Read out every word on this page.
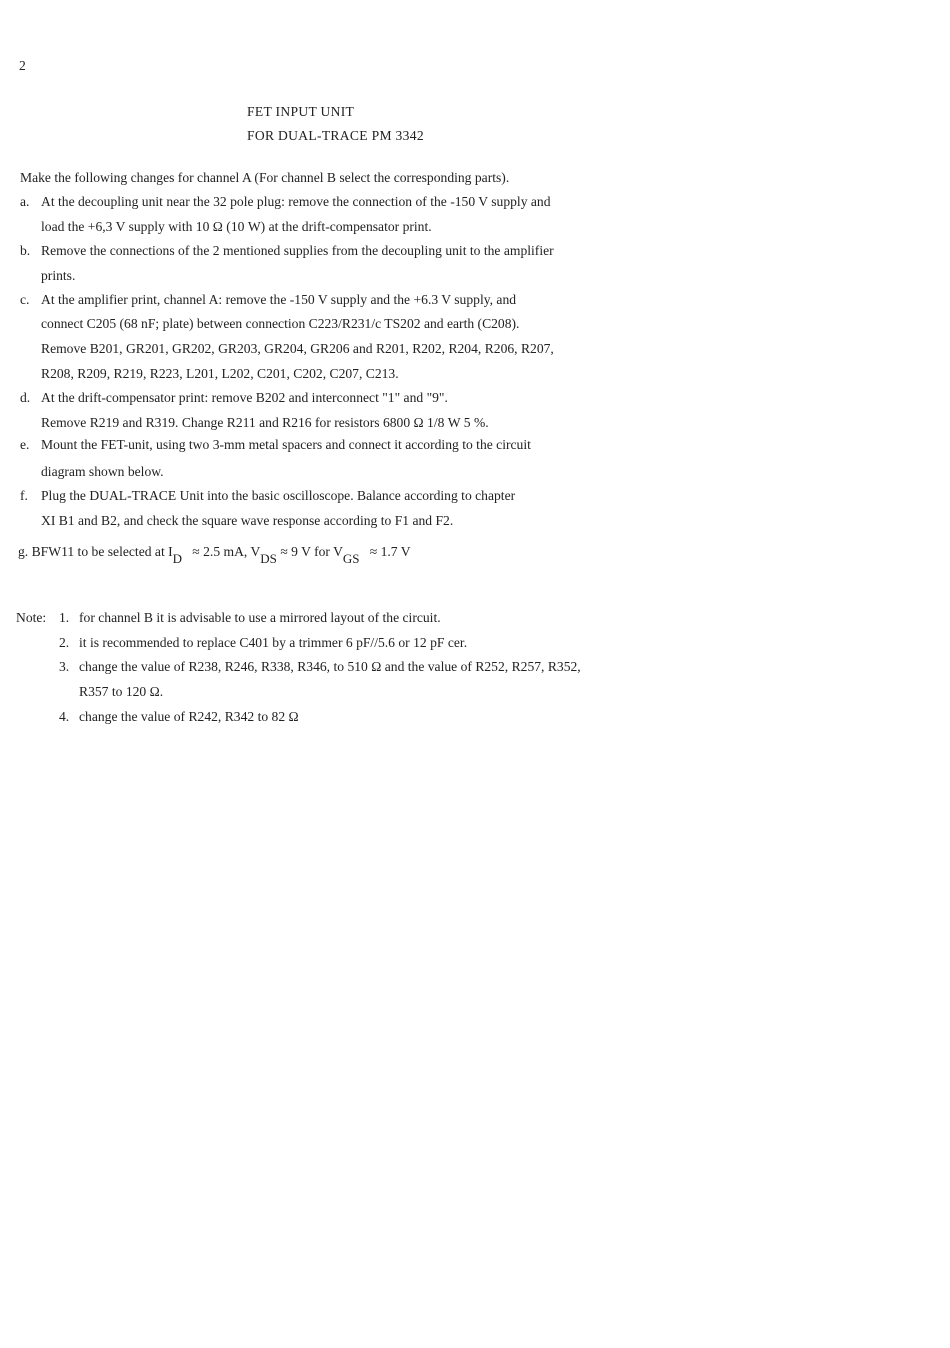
2
FET INPUT UNIT
FOR DUAL-TRACE PM 3342
Make the following changes for channel A (For channel B select the corresponding parts).
a. At the decoupling unit near the 32 pole plug: remove the connection of the -150 V supply and
load the +6,3 V supply with 10 Ω (10 W) at the drift-compensator print.
b. Remove the connections of the 2 mentioned supplies from the decoupling unit to the amplifier
prints.
c. At the amplifier print, channel A: remove the -150 V supply and the +6.3 V supply, and
connect C205 (68 nF; plate) between connection C223/R231/c TS202 and earth (C208).
Remove B201, GR201, GR202, GR203, GR204, GR206 and R201, R202, R204, R206, R207,
R208, R209, R219, R223, L201, L202, C201, C202, C207, C213.
d. At the drift-compensator print: remove B202 and interconnect "1" and "9".
Remove R219 and R319. Change R211 and R216 for resistors 6800 Ω 1/8 W 5 %.
e. Mount the FET-unit, using two 3-mm metal spacers and connect it according to the circuit
diagram shown below.
f. Plug the DUAL-TRACE Unit into the basic oscilloscope. Balance according to chapter
XI B1 and B2, and check the square wave response according to F1 and F2.
g. BFW11 to be selected at $I_D \approx 2.5$ mA, $V_{DS} \approx 9$ V for $V_{GS} \approx 1.7$ V
Note: 1. for channel B it is advisable to use a mirrored layout of the circuit.
2. it is recommended to replace C401 by a trimmer 6 pF//5.6 or 12 pF cer.
3. change the value of R238, R246, R338, R346, to 510 Ω and the value of R252, R257, R352,
R357 to 120 Ω.
4. change the value of R242, R342 to 82 Ω
